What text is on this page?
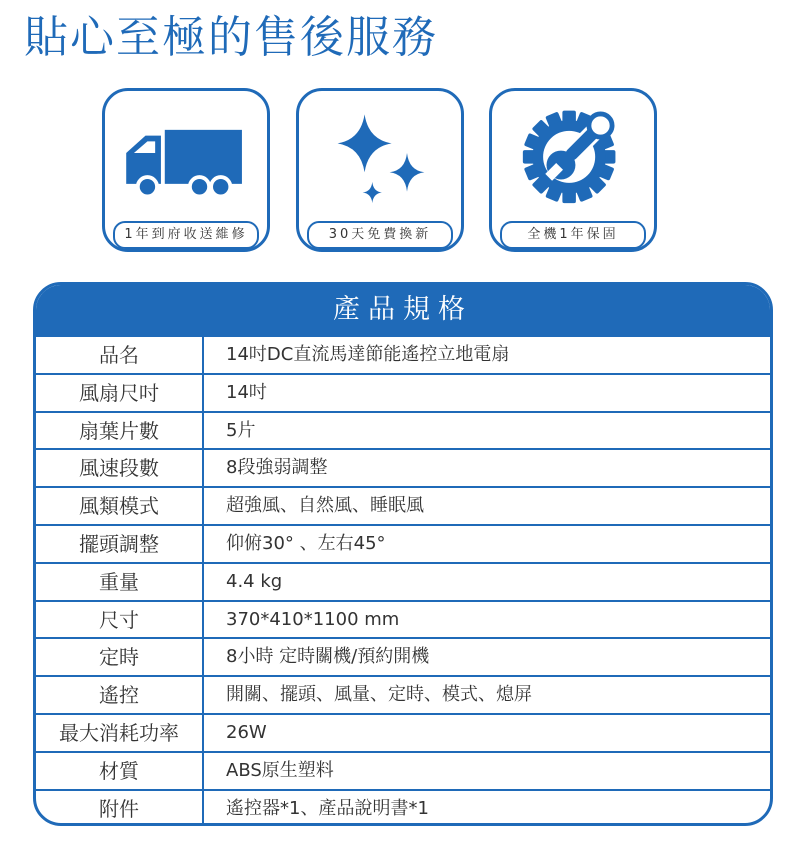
貼心至極的售後服務
1年到府收送維修	30天免費換新	全機1年保固
產品規格
品名	14吋DC直流馬達節能遙控立地電扇
風扇尺吋	14吋
扇葉片數	5片
風速段數	8段強弱調整
風類模式	超強風、自然風、睡眠風
擺頭調整	仰俯30° 、左右45°
重量	4.4 kg
尺寸	370*410*1100 mm
定時	8小時 定時關機/預約開機
遙控	開關、擺頭、風量、定時、模式、熄屏
最大消耗功率	26W
材質	ABS原生塑料
附件	遙控器*1、產品說明書*1
